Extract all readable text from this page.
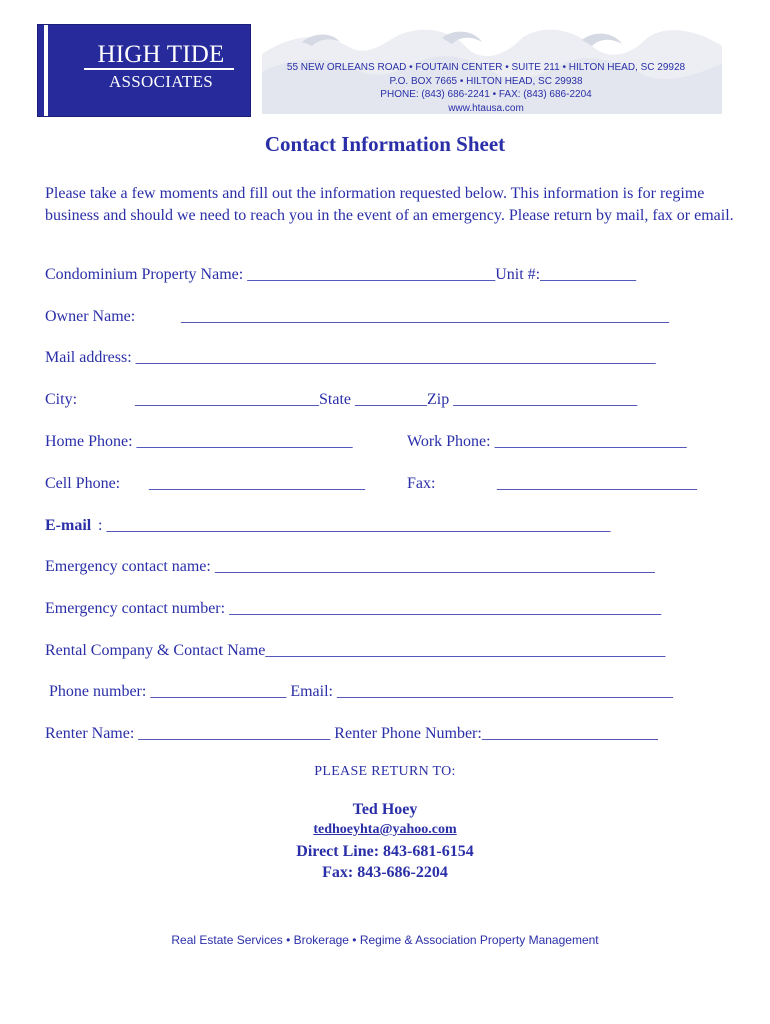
HIGH TIDE
ASSOCIATES
55 NEW ORLEANS ROAD • FOUTAIN CENTER • SUITE 211 • HILTON HEAD, SC 29928
P.O. BOX 7665 • HILTON HEAD, SC 29938
PHONE: (843) 686-2241 • FAX: (843) 686-2204
www.htausa.com
Contact Information Sheet
Please take a few moments and fill out the information requested below. This information is for regime business and should we need to reach you in the event of an emergency. Please return by mail, fax or email.
Condominium Property Name: _______________________________Unit #:____________
Owner Name:	_____________________________________________________________
Mail address: _________________________________________________________________
City:	_______________________State _________Zip _______________________
Home Phone: ___________________________	Work Phone: ________________________
Cell Phone: ___________________________	Fax:	_________________________
E-mail : _______________________________________________________________
Emergency contact name: _______________________________________________________
Emergency contact number: ______________________________________________________
Rental Company & Contact Name__________________________________________________
Phone number: _________________ Email: __________________________________________
Renter Name: ________________________ Renter Phone Number:______________________
PLEASE RETURN TO:
Ted Hoey
tedhoeyhta@yahoo.com
Direct Line: 843-681-6154
Fax: 843-686-2204
Real Estate Services • Brokerage • Regime & Association Property Management
